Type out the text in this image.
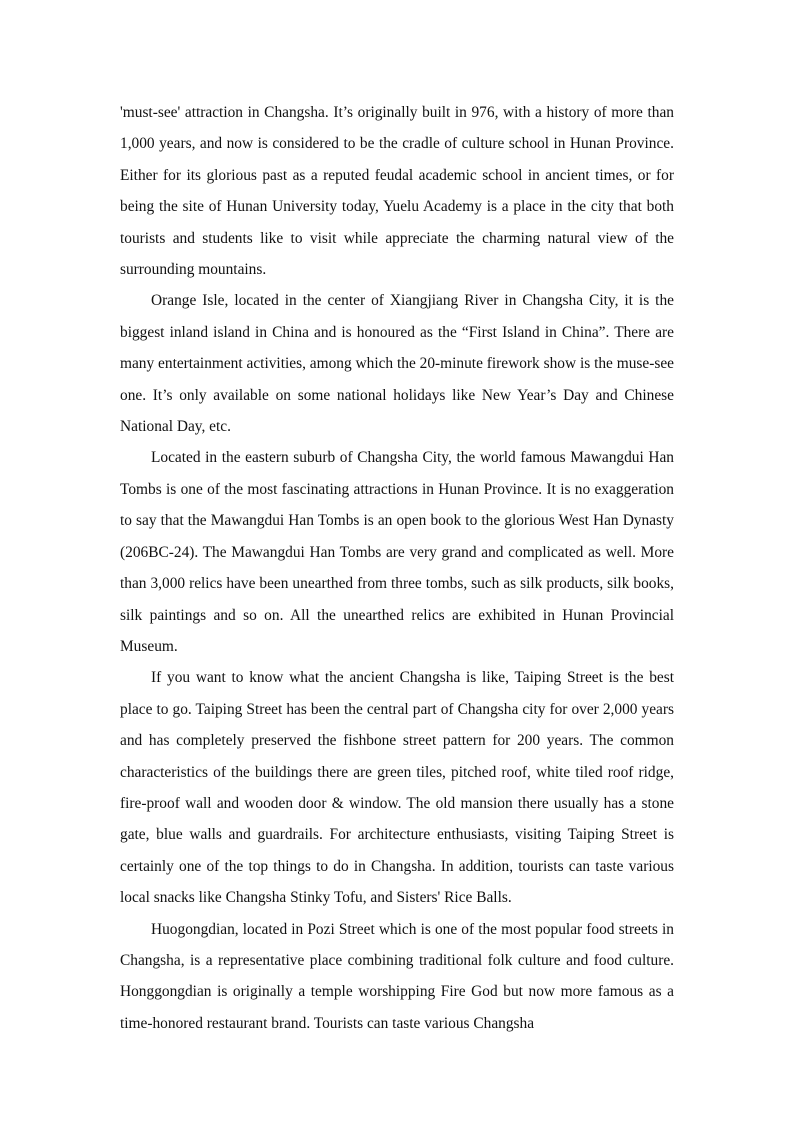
'must-see' attraction in Changsha. It’s originally built in 976, with a history of more than 1,000 years, and now is considered to be the cradle of culture school in Hunan Province. Either for its glorious past as a reputed feudal academic school in ancient times, or for being the site of Hunan University today, Yuelu Academy is a place in the city that both tourists and students like to visit while appreciate the charming natural view of the surrounding mountains.

Orange Isle, located in the center of Xiangjiang River in Changsha City, it is the biggest inland island in China and is honoured as the “First Island in China”. There are many entertainment activities, among which the 20-minute firework show is the muse-see one. It’s only available on some national holidays like New Year’s Day and Chinese National Day, etc.

Located in the eastern suburb of Changsha City, the world famous Mawangdui Han Tombs is one of the most fascinating attractions in Hunan Province. It is no exaggeration to say that the Mawangdui Han Tombs is an open book to the glorious West Han Dynasty (206BC-24). The Mawangdui Han Tombs are very grand and complicated as well. More than 3,000 relics have been unearthed from three tombs, such as silk products, silk books, silk paintings and so on. All the unearthed relics are exhibited in Hunan Provincial Museum.

If you want to know what the ancient Changsha is like, Taiping Street is the best place to go. Taiping Street has been the central part of Changsha city for over 2,000 years and has completely preserved the fishbone street pattern for 200 years. The common characteristics of the buildings there are green tiles, pitched roof, white tiled roof ridge, fire-proof wall and wooden door & window. The old mansion there usually has a stone gate, blue walls and guardrails. For architecture enthusiasts, visiting Taiping Street is certainly one of the top things to do in Changsha. In addition, tourists can taste various local snacks like Changsha Stinky Tofu, and Sisters' Rice Balls.

Huogongdian, located in Pozi Street which is one of the most popular food streets in Changsha, is a representative place combining traditional folk culture and food culture. Honggongdian is originally a temple worshipping Fire God but now more famous as a time-honored restaurant brand. Tourists can taste various Changsha
